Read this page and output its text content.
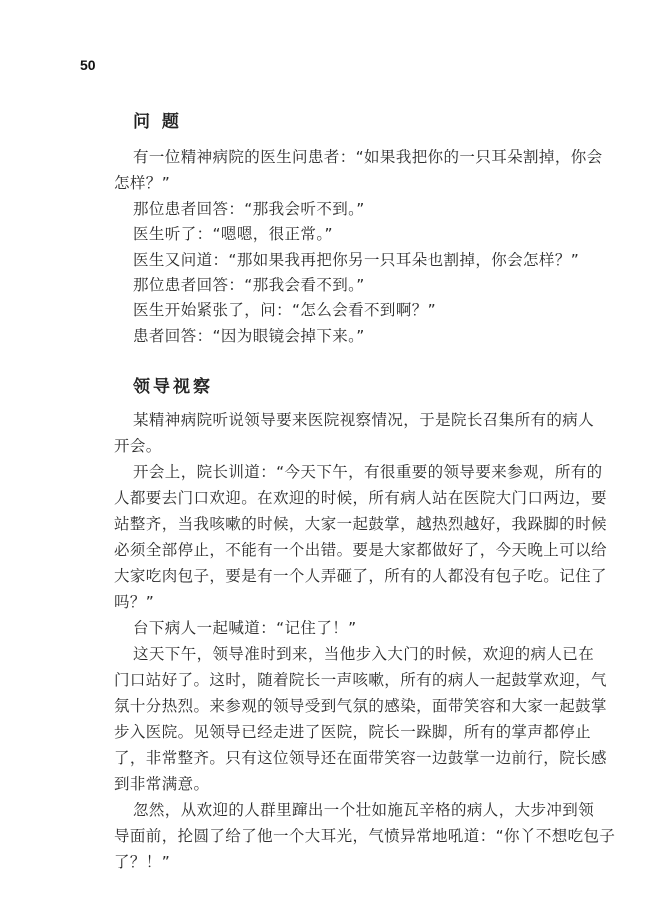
50
问 题
有一位精神病院的医生问患者：“如果我把你的一只耳朵割掉，你会
怎样？”
那位患者回答：“那我会听不到。”
医生听了：“嗯嗯，很正常。”
医生又问道：“那如果我再把你另一只耳朵也割掉，你会怎样？”
那位患者回答：“那我会看不到。”
医生开始紧张了，问：“怎么会看不到啊？”
患者回答：“因为眼镜会掉下来。”
领导视察
某精神病院听说领导要来医院视察情况，于是院长召集所有的病人
开会。
开会上，院长训道：“今天下午，有很重要的领导要来参观，所有的
人都要去门口欢迎。在欢迎的时候，所有病人站在医院大门口两边，要
站整齐，当我咳嗽的时候，大家一起鼓掌，越热烈越好，我跺脚的时候
必须全部停止，不能有一个出错。要是大家都做好了，今天晚上可以给
大家吃肉包子，要是有一个人弄砸了，所有的人都没有包子吃。记住了
吗？”
台下病人一起喊道：“记住了！”
这天下午，领导准时到来，当他步入大门的时候，欢迎的病人已在
门口站好了。这时，随着院长一声咳嗽，所有的病人一起鼓掌欢迎，气
氛十分热烈。来参观的领导受到气氛的感染，面带笑容和大家一起鼓掌
步入医院。见领导已经走进了医院，院长一跺脚，所有的掌声都停止
了，非常整齐。只有这位领导还在面带笑容一边鼓掌一边前行，院长感
到非常满意。
忽然，从欢迎的人群里蹿出一个壮如施瓦辛格的病人，大步冲到领
导面前，抡圆了给了他一个大耳光，气愤异常地吼道：“你丫不想吃包子
了？！”
